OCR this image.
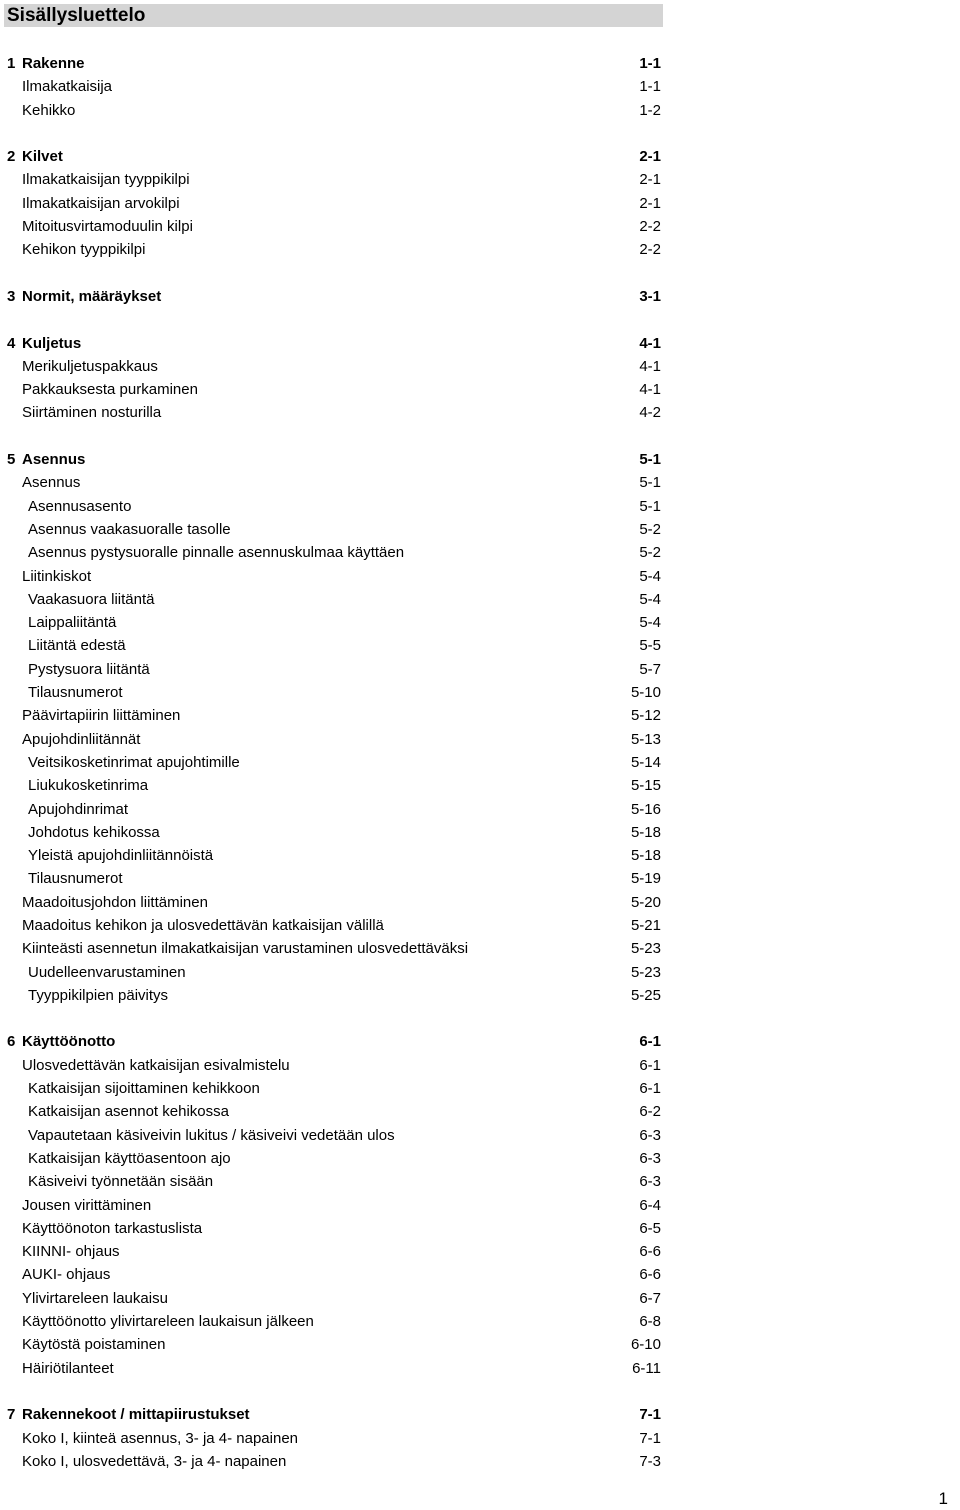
Sisällysluettelo
1 Rakenne	1-1
Ilmakatkaisija	1-1
Kehikko	1-2
2 Kilvet	2-1
Ilmakatkaisijan tyyppikilpi	2-1
Ilmakatkaisijan arvokilpi	2-1
Mitoitusvirtamoduulin kilpi	2-2
Kehikon tyyppikilpi	2-2
3 Normit, määräykset	3-1
4 Kuljetus	4-1
Merikuljetuspakkaus	4-1
Pakkauksesta purkaminen	4-1
Siirtäminen nosturilla	4-2
5 Asennus	5-1
Asennus	5-1
Asennusasento	5-1
Asennus vaakasuoralle tasolle	5-2
Asennus pystysuoralle pinnalle asennuskulmaa käyttäen	5-2
Liitinkiskot	5-4
Vaakasuora liitäntä	5-4
Laippaliitäntä	5-4
Liitäntä edestä	5-5
Pystysuora liitäntä	5-7
Tilausnumerot	5-10
Päävirtapiirin liittäminen	5-12
Apujohdinliitännät	5-13
Veitsikosketinrimat apujohtimille	5-14
Liukukosketinrima	5-15
Apujohdinrimat	5-16
Johdotus kehikossa	5-18
Yleistä apujohdinliitännöistä	5-18
Tilausnumerot	5-19
Maadoitusjohdon liittäminen	5-20
Maadoitus kehikon ja ulosvedettävän katkaisijan välillä	5-21
Kiinteästi asennetun ilmakatkaisijan varustaminen ulosvedettäväksi	5-23
Uudelleenvarustaminen	5-23
Tyyppikilpien päivitys	5-25
6 Käyttöönotto	6-1
Ulosvedettävän katkaisijan esivalmistelu	6-1
Katkaisijan sijoittaminen kehikkoon	6-1
Katkaisijan asennot kehikossa	6-2
Vapautetaan käsiveivin lukitus / käsiveivi vedetään ulos	6-3
Katkaisijan käyttöasentoon ajo	6-3
Käsiveivi työnnetään sisään	6-3
Jousen virittäminen	6-4
Käyttöönoton tarkastuslista	6-5
KIINNI- ohjaus	6-6
AUKI- ohjaus	6-6
Ylivirtareleen laukaisu	6-7
Käyttöönotto ylivirtareleen laukaisun jälkeen	6-8
Käytöstä poistaminen	6-10
Häiriötilanteet	6-11
7 Rakennekoot / mittapiirustukset	7-1
Koko I, kiinteä asennus, 3- ja 4- napainen	7-1
Koko I, ulosvedettävä, 3- ja 4- napainen	7-3
1
